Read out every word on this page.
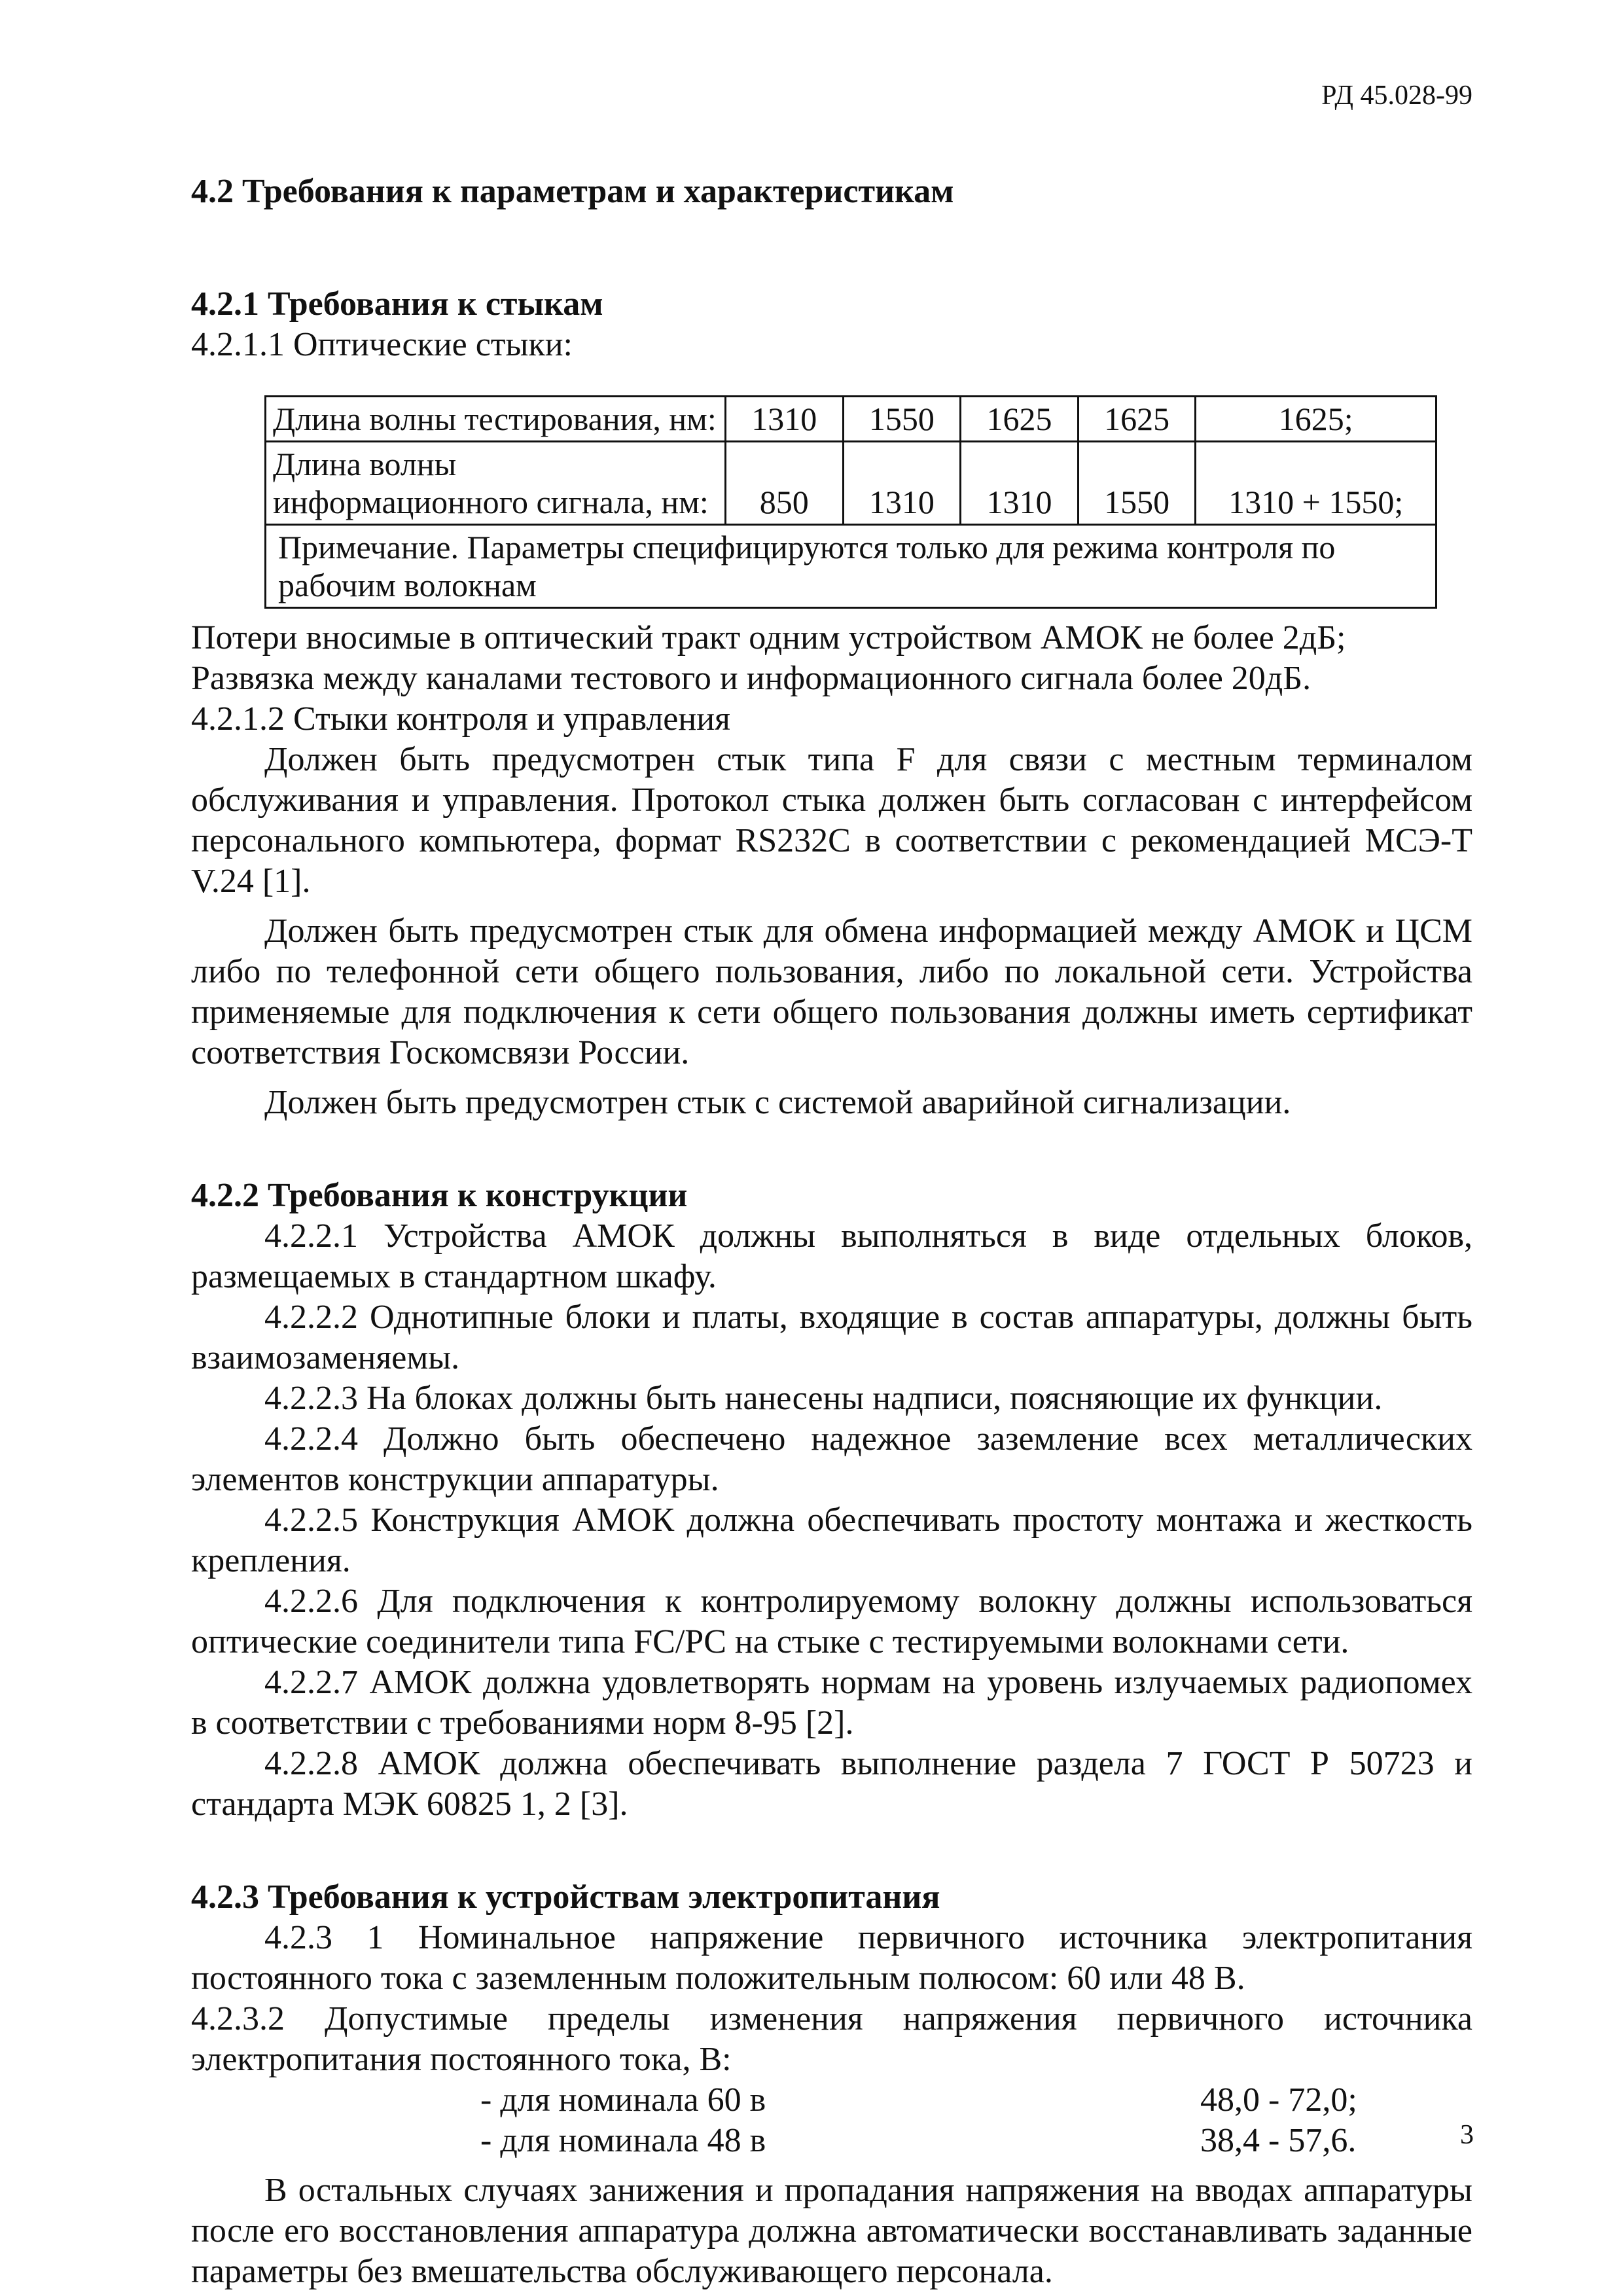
РД 45.028-99

4.2 Требования к параметрам и характеристикам

4.2.1 Требования к стыкам

4.2.1.1 Оптические стыки:

Длина волны тестирования, нм:	1310	1550	1625	1625	1625;
Длина волны информационного сигнала, нм:	850	1310	1310	1550	1310 + 1550;
Примечание. Параметры специфицируются только для режима контроля по рабочим волокнам					

Потери вносимые в оптический тракт одним устройством АМОК не более 2дБ;

Развязка между каналами тестового и информационного сигнала более 20дБ.

4.2.1.2 Стыки контроля и управления

Должен быть предусмотрен стык типа F для связи с местным терминалом обслуживания и управления. Протокол стыка должен быть согласован с интерфейсом персонального компьютера, формат RS232С в соответствии с рекомендацией МСЭ-Т V.24 [1].

Должен быть предусмотрен стык для обмена информацией между АМОК и ЦСМ либо по телефонной сети общего пользования, либо по локальной сети. Устройства применяемые для подключения к сети общего пользования должны иметь сертификат соответствия Госкомсвязи России.

Должен быть предусмотрен стык с системой аварийной сигнализации.

4.2.2 Требования к конструкции

4.2.2.1 Устройства АМОК должны выполняться в виде отдельных блоков, размещаемых в стандартном шкафу.

4.2.2.2 Однотипные блоки и платы, входящие в состав аппаратуры, должны быть взаимозаменяемы.

4.2.2.3 На блоках должны быть нанесены надписи, поясняющие их функции.

4.2.2.4 Должно быть обеспечено надежное заземление всех металлических элементов конструкции аппаратуры.

4.2.2.5 Конструкция АМОК должна обеспечивать простоту монтажа и жесткость крепления.

4.2.2.6 Для подключения к контролируемому волокну должны использоваться оптические соединители типа FC/PC на стыке с тестируемыми волокнами сети.

4.2.2.7 АМОК должна удовлетворять нормам на уровень излучаемых радиопомех в соответствии с требованиями норм 8-95 [2].

4.2.2.8 АМОК должна обеспечивать выполнение раздела 7 ГОСТ Р 50723 и стандарта МЭК 60825 1, 2 [3].

4.2.3 Требования к устройствам электропитания

4.2.3 1 Номинальное напряжение первичного источника электропитания постоянного тока с заземленным положительным полюсом: 60 или 48 В.

4.2.3.2 Допустимые пределы изменения напряжения первичного источника электропитания постоянного тока, В:

- для номинала 60 в	48,0 - 72,0;
- для номинала 48 в	38,4 - 57,6.

В остальных случаях занижения и пропадания напряжения на вводах аппаратуры после его восстановления аппаратура должна автоматически восстанавливать заданные параметры без вмешательства обслуживающего персонала.

3
